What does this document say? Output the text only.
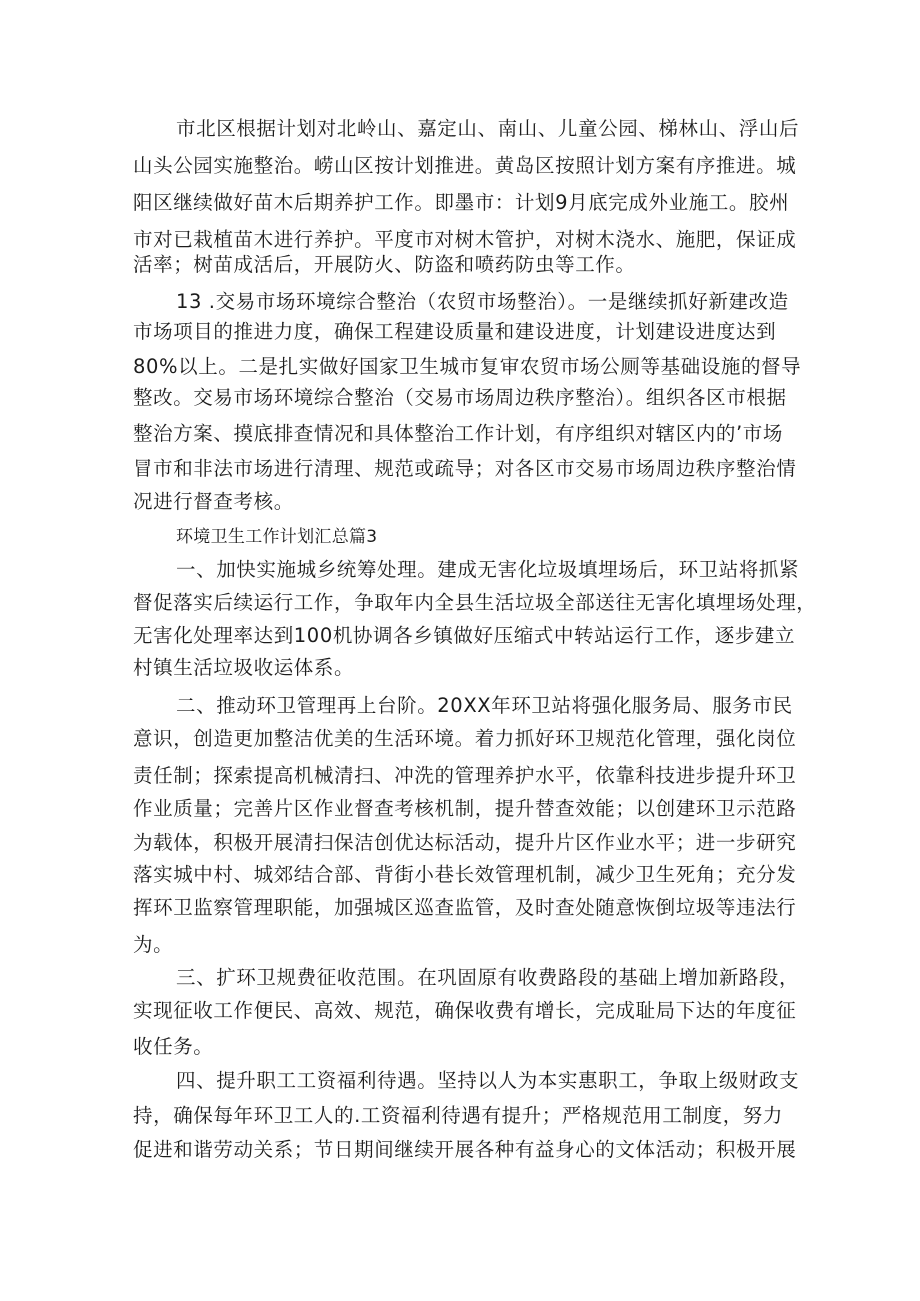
市北区根据计划对北岭山、嘉定山、南山、儿童公园、梯林山、浮山后
山头公园实施整治。崂山区按计划推进。黄岛区按照计划方案有序推进。城
阳区继续做好苗木后期养护工作。即墨市：计划9月底完成外业施工。胶州
市对已栽植苗木进行养护。平度市对树木管护，对树木浇水、施肥，保证成
活率；树苗成活后，开展防火、防盗和喷药防虫等工作。
13 .交易市场环境综合整治（农贸市场整治）。一是继续抓好新建改造
市场项目的推进力度，确保工程建设质量和建设进度，计划建设进度达到
80%以上。二是扎实做好国家卫生城市复审农贸市场公厕等基础设施的督导
整改。交易市场环境综合整治（交易市场周边秩序整治）。组织各区市根据
整治方案、摸底排查情况和具体整治工作计划，有序组织对辖区内的’市场
冒市和非法市场进行清理、规范或疏导；对各区市交易市场周边秩序整治情
况进行督查考核。
环境卫生工作计划汇总篇3
一、加快实施城乡统筹处理。建成无害化垃圾填埋场后，环卫站将抓紧
督促落实后续运行工作，争取年内全县生活垃圾全部送往无害化填埋场处理，
无害化处理率达到100机协调各乡镇做好压缩式中转站运行工作，逐步建立
村镇生活垃圾收运体系。
二、推动环卫管理再上台阶。20XX年环卫站将强化服务局、服务市民
意识，创造更加整洁优美的生活环境。着力抓好环卫规范化管理，强化岗位
责任制；探索提高机械清扫、冲洗的管理养护水平，依靠科技进步提升环卫
作业质量；完善片区作业督查考核机制，提升替查效能；以创建环卫示范路
为载体，积极开展清扫保洁创优达标活动，提升片区作业水平；进一步研究
落实城中村、城郊结合部、背街小巷长效管理机制，减少卫生死角；充分发
挥环卫监察管理职能，加强城区巡查监管，及时查处随意恢倒垃圾等违法行
为。
三、扩环卫规费征收范围。在巩固原有收费路段的基础上增加新路段，
实现征收工作便民、高效、规范，确保收费有增长，完成耻局下达的年度征
收任务。
四、提升职工工资福利待遇。坚持以人为本实惠职工，争取上级财政支
持，确保每年环卫工人的.工资福利待遇有提升；严格规范用工制度，努力
促进和谐劳动关系；节日期间继续开展各种有益身心的文体活动；积极开展
